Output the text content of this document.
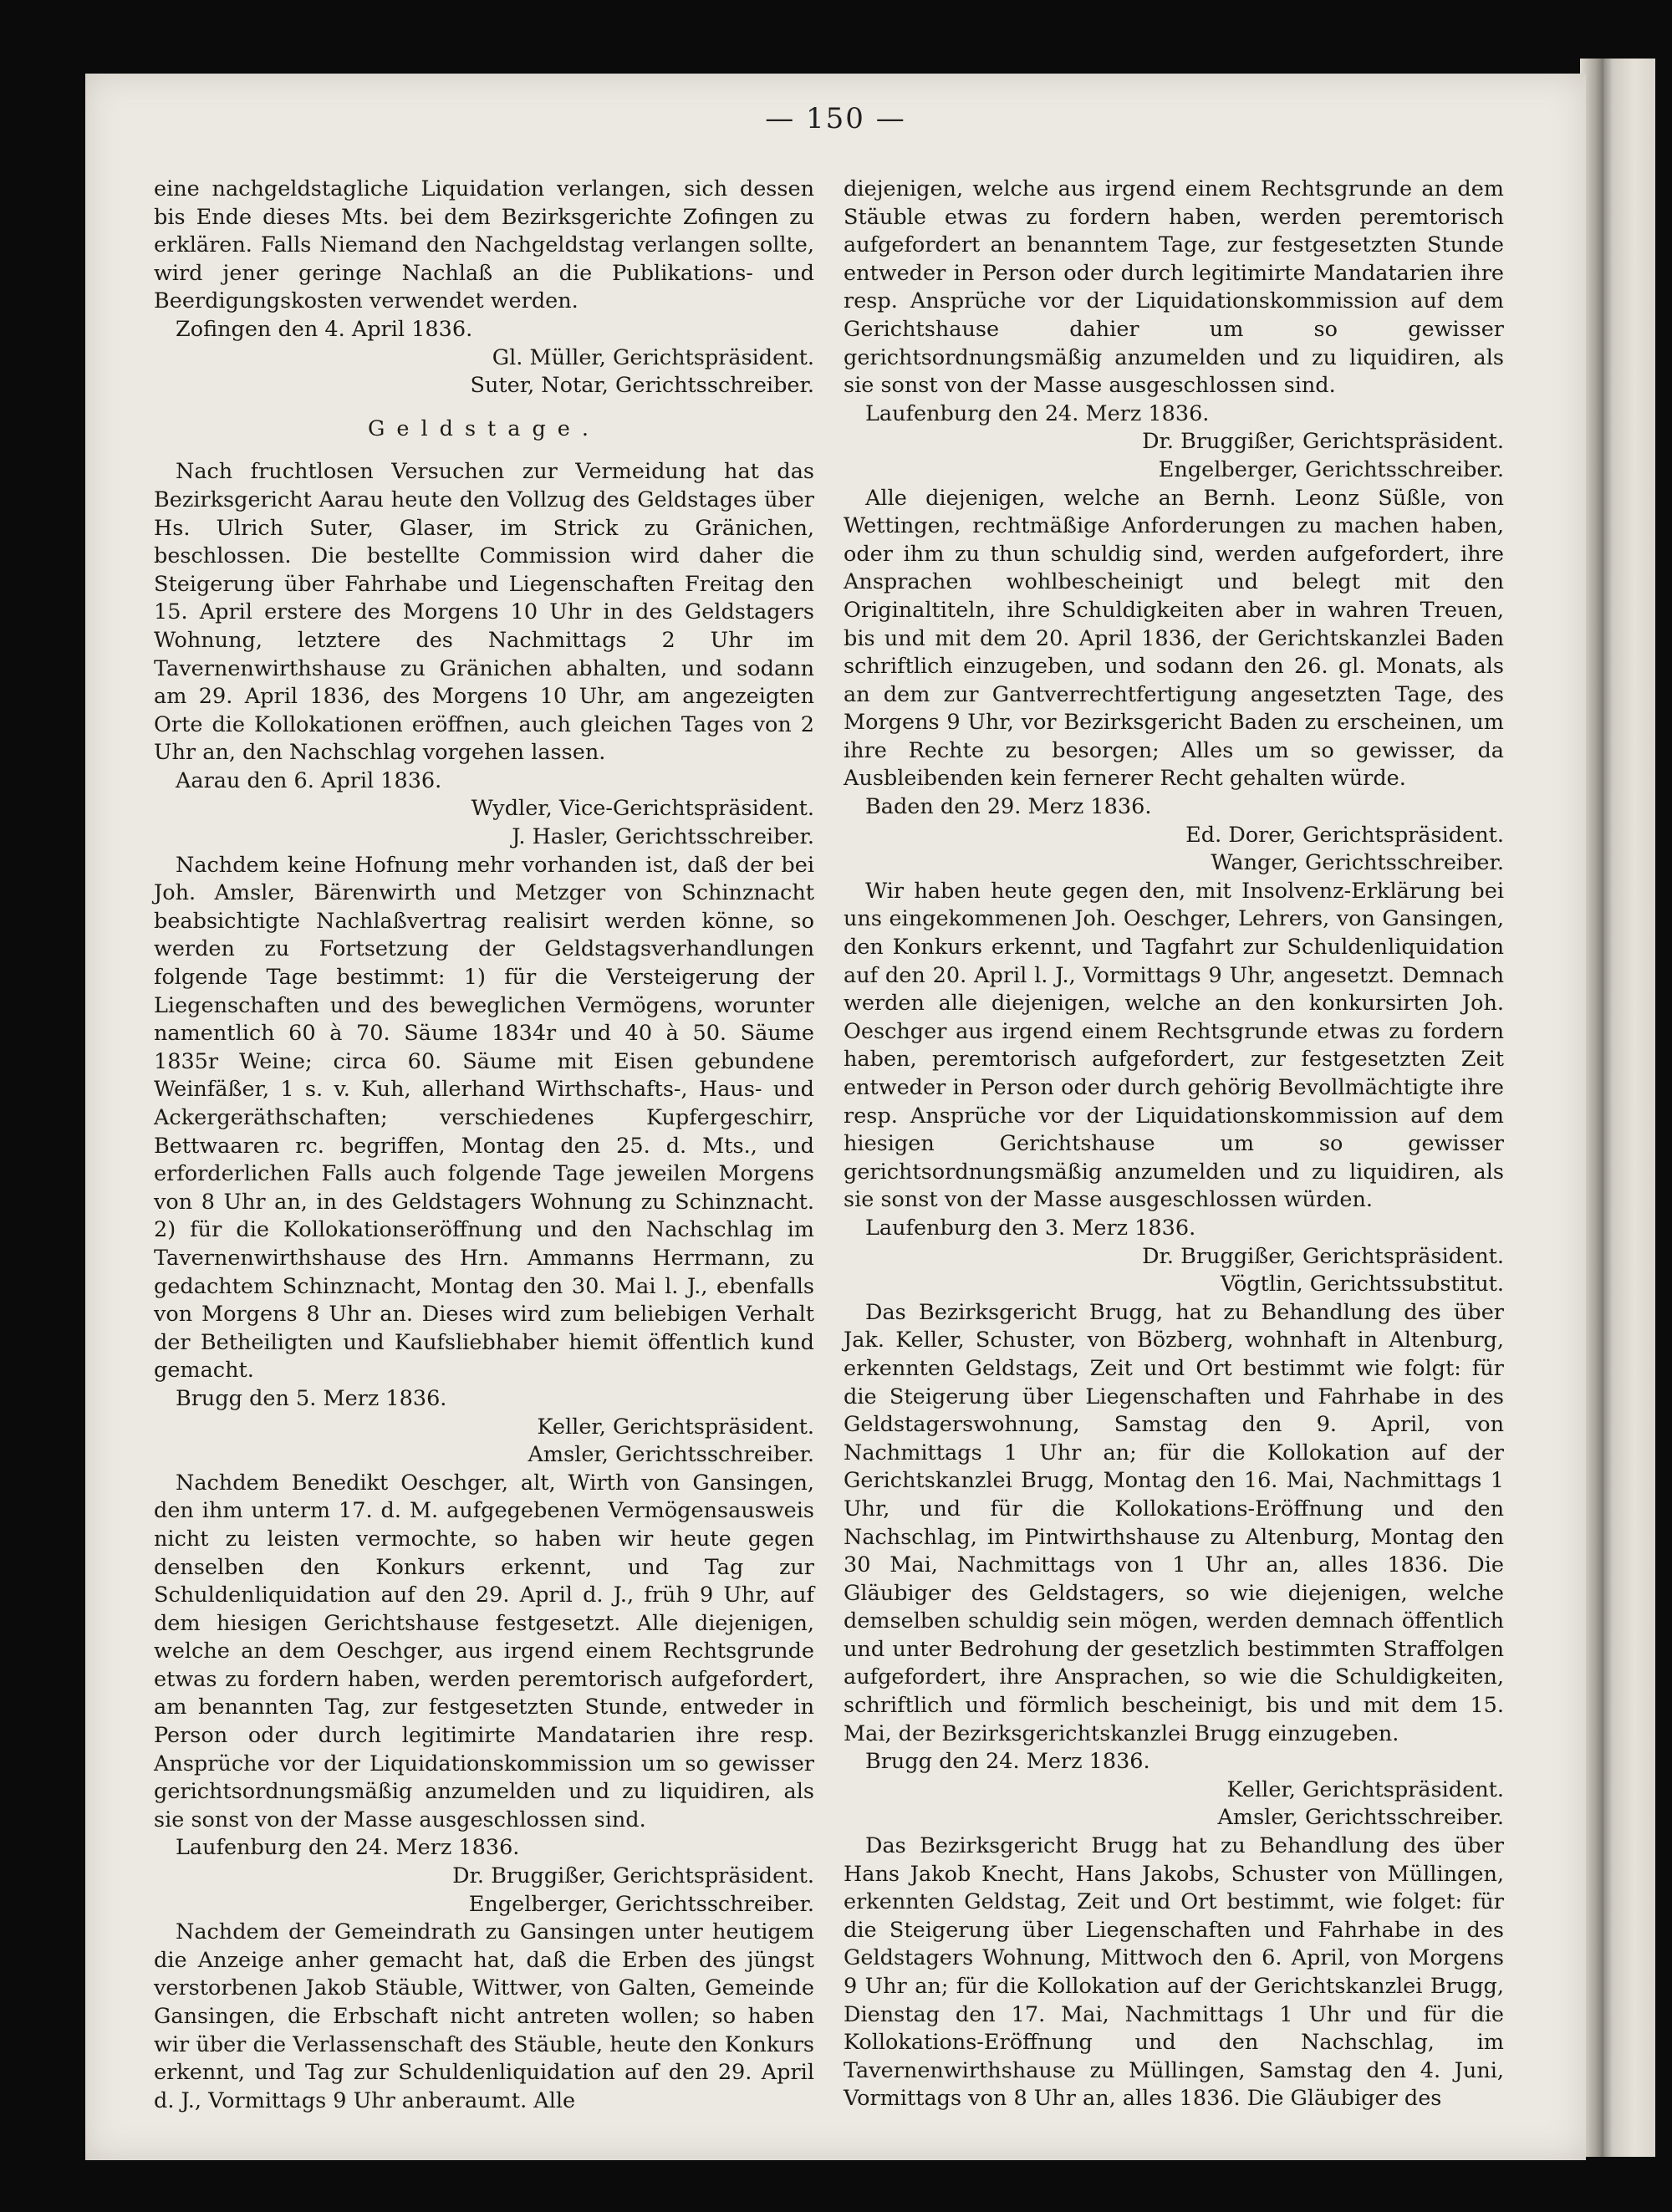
— 150 —

eine nachgeldstagliche Liquidation verlangen, sich dessen bis Ende dieses Mts. bei dem Bezirksgerichte Zofingen zu erklären. Falls Niemand den Nachgeldstag verlangen sollte, wird jener geringe Nachlaß an die Publikations- und Beerdigungskosten verwendet werden.

Zofingen den 4. April 1836.

Gl. Müller, Gerichtspräsident.

Suter, Notar, Gerichtsschreiber.

Geldstage.

Nach fruchtlosen Versuchen zur Vermeidung hat das Bezirksgericht Aarau heute den Vollzug des Geldstages über Hs. Ulrich Suter, Glaser, im Strick zu Gränichen, beschlossen. Die bestellte Commission wird daher die Steigerung über Fahrhabe und Liegenschaften Freitag den 15. April erstere des Morgens 10 Uhr in des Geldstagers Wohnung, letztere des Nachmittags 2 Uhr im Tavernenwirthshause zu Gränichen abhalten, und sodann am 29. April 1836, des Morgens 10 Uhr, am angezeigten Orte die Kollokationen eröffnen, auch gleichen Tages von 2 Uhr an, den Nachschlag vorgehen lassen.

Aarau den 6. April 1836.

Wydler, Vice-Gerichtspräsident.

J. Hasler, Gerichtsschreiber.

Nachdem keine Hofnung mehr vorhanden ist, daß der bei Joh. Amsler, Bärenwirth und Metzger von Schinznacht beabsichtigte Nachlaßvertrag realisirt werden könne, so werden zu Fortsetzung der Geldstagsverhandlungen folgende Tage bestimmt: 1) für die Versteigerung der Liegenschaften und des beweglichen Vermögens, worunter namentlich 60 à 70. Säume 1834r und 40 à 50. Säume 1835r Weine; circa 60. Säume mit Eisen gebundene Weinfäßer, 1 s. v. Kuh, allerhand Wirthschafts-, Haus- und Ackergeräthschaften; verschiedenes Kupfergeschirr, Bettwaaren rc. begriffen, Montag den 25. d. Mts., und erforderlichen Falls auch folgende Tage jeweilen Morgens von 8 Uhr an, in des Geldstagers Wohnung zu Schinznacht. 2) für die Kollokationseröffnung und den Nachschlag im Tavernenwirthshause des Hrn. Ammanns Herrmann, zu gedachtem Schinznacht, Montag den 30. Mai l. J., ebenfalls von Morgens 8 Uhr an. Dieses wird zum beliebigen Verhalt der Betheiligten und Kaufsliebhaber hiemit öffentlich kund gemacht.

Brugg den 5. Merz 1836.

Keller, Gerichtspräsident.

Amsler, Gerichtsschreiber.

Nachdem Benedikt Oeschger, alt, Wirth von Gansingen, den ihm unterm 17. d. M. aufgegebenen Vermögensausweis nicht zu leisten vermochte, so haben wir heute gegen denselben den Konkurs erkennt, und Tag zur Schuldenliquidation auf den 29. April d. J., früh 9 Uhr, auf dem hiesigen Gerichtshause festgesetzt. Alle diejenigen, welche an dem Oeschger, aus irgend einem Rechtsgrunde etwas zu fordern haben, werden peremtorisch aufgefordert, am benannten Tag, zur festgesetzten Stunde, entweder in Person oder durch legitimirte Mandatarien ihre resp. Ansprüche vor der Liquidationskommission um so gewisser gerichtsordnungsmäßig anzumelden und zu liquidiren, als sie sonst von der Masse ausgeschlossen sind.

Laufenburg den 24. Merz 1836.

Dr. Bruggißer, Gerichtspräsident.

Engelberger, Gerichtsschreiber.

Nachdem der Gemeindrath zu Gansingen unter heutigem die Anzeige anher gemacht hat, daß die Erben des jüngst verstorbenen Jakob Stäuble, Wittwer, von Galten, Gemeinde Gansingen, die Erbschaft nicht antreten wollen; so haben wir über die Verlassenschaft des Stäuble, heute den Konkurs erkennt, und Tag zur Schuldenliquidation auf den 29. April d. J., Vormittags 9 Uhr anberaumt. Alle

diejenigen, welche aus irgend einem Rechtsgrunde an dem Stäuble etwas zu fordern haben, werden peremtorisch aufgefordert an benanntem Tage, zur festgesetzten Stunde entweder in Person oder durch legitimirte Mandatarien ihre resp. Ansprüche vor der Liquidationskommission auf dem Gerichtshause dahier um so gewisser gerichtsordnungsmäßig anzumelden und zu liquidiren, als sie sonst von der Masse ausgeschlossen sind.

Laufenburg den 24. Merz 1836.

Dr. Bruggißer, Gerichtspräsident.

Engelberger, Gerichtsschreiber.

Alle diejenigen, welche an Bernh. Leonz Süßle, von Wettingen, rechtmäßige Anforderungen zu machen haben, oder ihm zu thun schuldig sind, werden aufgefordert, ihre Ansprachen wohlbescheinigt und belegt mit den Originaltiteln, ihre Schuldigkeiten aber in wahren Treuen, bis und mit dem 20. April 1836, der Gerichtskanzlei Baden schriftlich einzugeben, und sodann den 26. gl. Monats, als an dem zur Gantverrechtfertigung angesetzten Tage, des Morgens 9 Uhr, vor Bezirksgericht Baden zu erscheinen, um ihre Rechte zu besorgen; Alles um so gewisser, da Ausbleibenden kein fernerer Recht gehalten würde.

Baden den 29. Merz 1836.

Ed. Dorer, Gerichtspräsident.

Wanger, Gerichtsschreiber.

Wir haben heute gegen den, mit Insolvenz-Erklärung bei uns eingekommenen Joh. Oeschger, Lehrers, von Gansingen, den Konkurs erkennt, und Tagfahrt zur Schuldenliquidation auf den 20. April l. J., Vormittags 9 Uhr, angesetzt. Demnach werden alle diejenigen, welche an den konkursirten Joh. Oeschger aus irgend einem Rechtsgrunde etwas zu fordern haben, peremtorisch aufgefordert, zur festgesetzten Zeit entweder in Person oder durch gehörig Bevollmächtigte ihre resp. Ansprüche vor der Liquidationskommission auf dem hiesigen Gerichtshause um so gewisser gerichtsordnungsmäßig anzumelden und zu liquidiren, als sie sonst von der Masse ausgeschlossen würden.

Laufenburg den 3. Merz 1836.

Dr. Bruggißer, Gerichtspräsident.

Vögtlin, Gerichtssubstitut.

Das Bezirksgericht Brugg, hat zu Behandlung des über Jak. Keller, Schuster, von Bözberg, wohnhaft in Altenburg, erkennten Geldstags, Zeit und Ort bestimmt wie folgt: für die Steigerung über Liegenschaften und Fahrhabe in des Geldstagerswohnung, Samstag den 9. April, von Nachmittags 1 Uhr an; für die Kollokation auf der Gerichtskanzlei Brugg, Montag den 16. Mai, Nachmittags 1 Uhr, und für die Kollokations-Eröffnung und den Nachschlag, im Pintwirthshause zu Altenburg, Montag den 30 Mai, Nachmittags von 1 Uhr an, alles 1836. Die Gläubiger des Geldstagers, so wie diejenigen, welche demselben schuldig sein mögen, werden demnach öffentlich und unter Bedrohung der gesetzlich bestimmten Straffolgen aufgefordert, ihre Ansprachen, so wie die Schuldigkeiten, schriftlich und förmlich bescheinigt, bis und mit dem 15. Mai, der Bezirksgerichtskanzlei Brugg einzugeben.

Brugg den 24. Merz 1836.

Keller, Gerichtspräsident.

Amsler, Gerichtsschreiber.

Das Bezirksgericht Brugg hat zu Behandlung des über Hans Jakob Knecht, Hans Jakobs, Schuster von Müllingen, erkennten Geldstag, Zeit und Ort bestimmt, wie folget: für die Steigerung über Liegenschaften und Fahrhabe in des Geldstagers Wohnung, Mittwoch den 6. April, von Morgens 9 Uhr an; für die Kollokation auf der Gerichtskanzlei Brugg, Dienstag den 17. Mai, Nachmittags 1 Uhr und für die Kollokations-Eröffnung und den Nachschlag, im Tavernenwirthshause zu Müllingen, Samstag den 4. Juni, Vormittags von 8 Uhr an, alles 1836. Die Gläubiger des
